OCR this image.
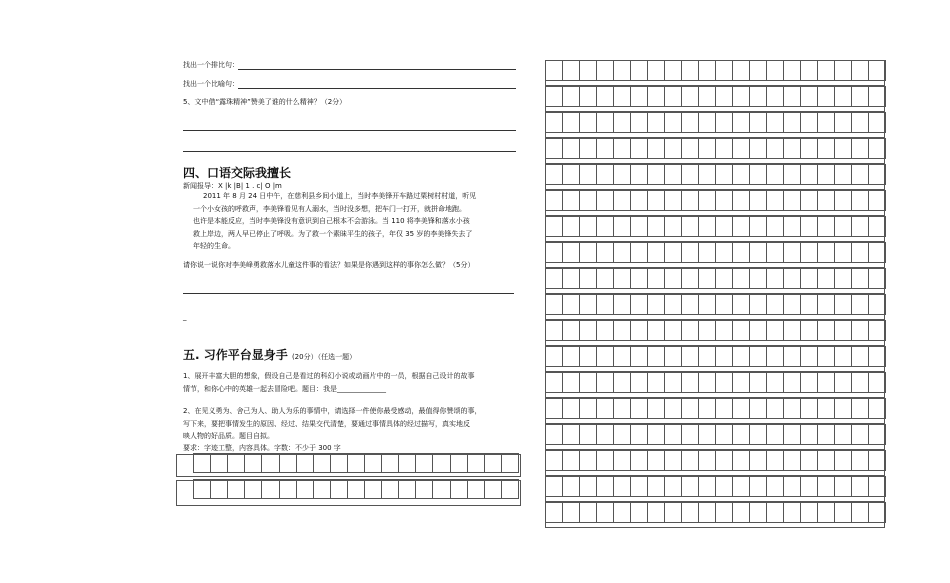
找出一个排比句：
找出一个比喻句：
5、文中借“露珠精神”赞美了谁的什么精神？（2分）
四、口语交际我擅长
新闻报导：X |k |B| 1 . c| O |m
2011 年 8 月 24 日中午，在慈利县乡间小道上，当时李美锋开车路过栗树村村道，听见
一个小女孩的呼救声，李美锋看见有人溺水，当时没多想，把车门一打开，就拼命地跑。
也许是本能反应，当时李美锋没有意识到自己根本不会游泳。当 110 将李美锋和落水小孩
救上岸边，两人早已停止了呼吸。为了救一个素昧平生的孩子，年仅 35 岁的李美锋失去了
年轻的生命。
请你说一说你对李美峰勇救落水儿童这件事的看法？如果是你遇到这样的事你怎么做？（5分）
_
五. 习作平台显身手 (20分）（任选一题）
1、展开丰富大胆的想象，假设自己是看过的科幻小说或动画片中的一员，根据自己设计的故事
情节，和你心中的英雄一起去冒险吧。题目：我是______________
2、在见义勇为、舍己为人、助人为乐的事情中，请选择一件使你最受感动，最值得你赞颂的事，
写下来，要把事情发生的原因、经过、结果交代清楚，要通过事情具体的经过描写，真实地反
映人物的好品质。题目自拟。
要求：字迹工整，内容具体。字数：不少于 300 字
